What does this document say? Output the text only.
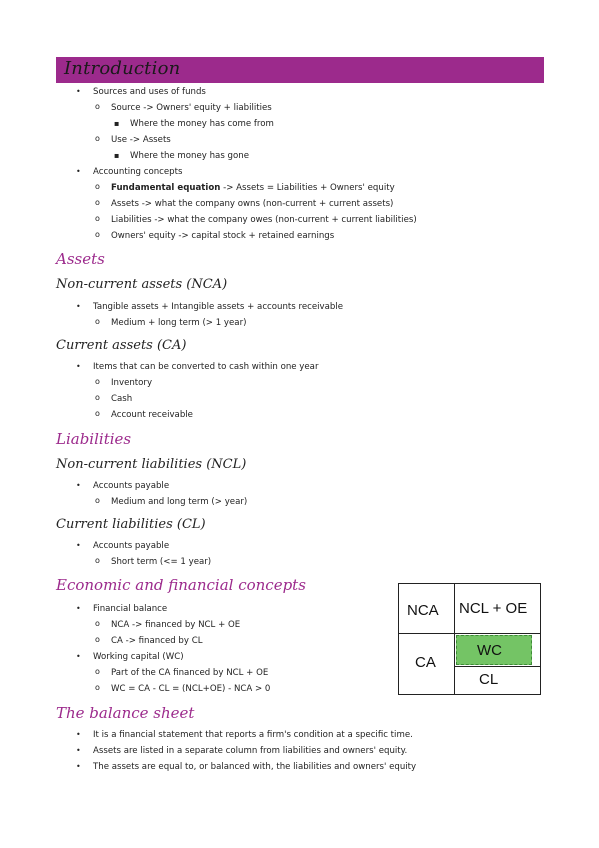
Introduction
• Sources and uses of funds
o Source -> Owners' equity + liabilities
▪ Where the money has come from
o Use -> Assets
▪ Where the money has gone
• Accounting concepts
o Fundamental equation -> Assets = Liabilities + Owners' equity
o Assets -> what the company owns (non-current + current assets)
o Liabilities -> what the company owes (non-current + current liabilities)
o Owners' equity -> capital stock + retained earnings
Assets
Non-current assets (NCA)
• Tangible assets + Intangible assets + accounts receivable
o Medium + long term (> 1 year)
Current assets (CA)
• Items that can be converted to cash within one year
o Inventory
o Cash
o Account receivable
Liabilities
Non-current liabilities (NCL)
• Accounts payable
o Medium and long term (> year)
Current liabilities (CL)
• Accounts payable
o Short term (<= 1 year)
Economic and financial concepts
• Financial balance
o NCA -> financed by NCL + OE
o CA -> financed by CL
• Working capital (WC)
o Part of the CA financed by NCL + OE
o WC = CA - CL = (NCL+OE) - NCA > 0
NCA NCL + OE
CA
WC
CL
The balance sheet
• It is a financial statement that reports a firm's condition at a specific time.
• Assets are listed in a separate column from liabilities and owners' equity.
• The assets are equal to, or balanced with, the liabilities and owners' equity
